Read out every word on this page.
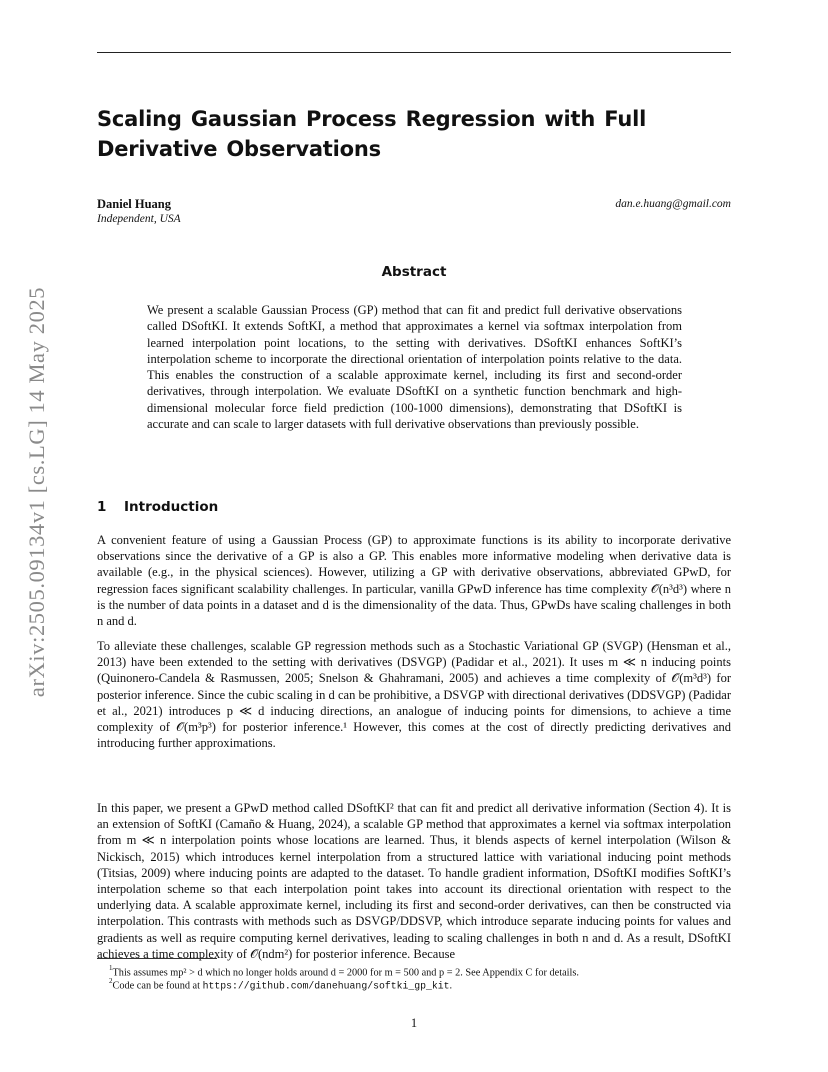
arXiv:2505.09134v1 [cs.LG] 14 May 2025
Scaling Gaussian Process Regression with Full Derivative Observations
Daniel Huang
Independent, USA
dan.e.huang@gmail.com
Abstract

We present a scalable Gaussian Process (GP) method that can fit and predict full derivative observations called DSoftKI. It extends SoftKI, a method that approximates a kernel via softmax interpolation from learned interpolation point locations, to the setting with derivatives. DSoftKI enhances SoftKI’s interpolation scheme to incorporate the directional orientation of interpolation points relative to the data. This enables the construction of a scalable approximate kernel, including its first and second-order derivatives, through interpolation. We evaluate DSoftKI on a synthetic function benchmark and high-dimensional molecular force field prediction (100-1000 dimensions), demonstrating that DSoftKI is accurate and can scale to larger datasets with full derivative observations than previously possible.

1 Introduction

A convenient feature of using a Gaussian Process (GP) to approximate functions is its ability to incorporate derivative observations since the derivative of a GP is also a GP. This enables more informative modeling when derivative data is available (e.g., in the physical sciences). However, utilizing a GP with derivative observations, abbreviated GPwD, for regression faces significant scalability challenges. In particular, vanilla GPwD inference has time complexity 𝒪(n³d³) where n is the number of data points in a dataset and d is the dimensionality of the data. Thus, GPwDs have scaling challenges in both n and d.

To alleviate these challenges, scalable GP regression methods such as a Stochastic Variational GP (SVGP) (Hensman et al., 2013) have been extended to the setting with derivatives (DSVGP) (Padidar et al., 2021). It uses m ≪ n inducing points (Quinonero-Candela & Rasmussen, 2005; Snelson & Ghahramani, 2005) and achieves a time complexity of 𝒪(m³d³) for posterior inference. Since the cubic scaling in d can be prohibitive, a DSVGP with directional derivatives (DDSVGP) (Padidar et al., 2021) introduces p ≪ d inducing directions, an analogue of inducing points for dimensions, to achieve a time complexity of 𝒪(m³p³) for posterior inference.¹ However, this comes at the cost of directly predicting derivatives and introducing further approximations.

In this paper, we present a GPwD method called DSoftKI² that can fit and predict all derivative information (Section 4). It is an extension of SoftKI (Camaño & Huang, 2024), a scalable GP method that approximates a kernel via softmax interpolation from m ≪ n interpolation points whose locations are learned. Thus, it blends aspects of kernel interpolation (Wilson & Nickisch, 2015) which introduces kernel interpolation from a structured lattice with variational inducing point methods (Titsias, 2009) where inducing points are adapted to the dataset. To handle gradient information, DSoftKI modifies SoftKI’s interpolation scheme so that each interpolation point takes into account its directional orientation with respect to the underlying data. A scalable approximate kernel, including its first and second-order derivatives, can then be constructed via interpolation. This contrasts with methods such as DSVGP/DDSVP, which introduce separate inducing points for values and gradients as well as require computing kernel derivatives, leading to scaling challenges in both n and d. As a result, DSoftKI achieves a time complexity of 𝒪(ndm²) for posterior inference. Because

$^1$This assumes mp² > d which no longer holds around d = 2000 for m = 500 and p = 2. See Appendix C for details.
$^2$Code can be found at https://github.com/danehuang/softki_gp_kit.
1
